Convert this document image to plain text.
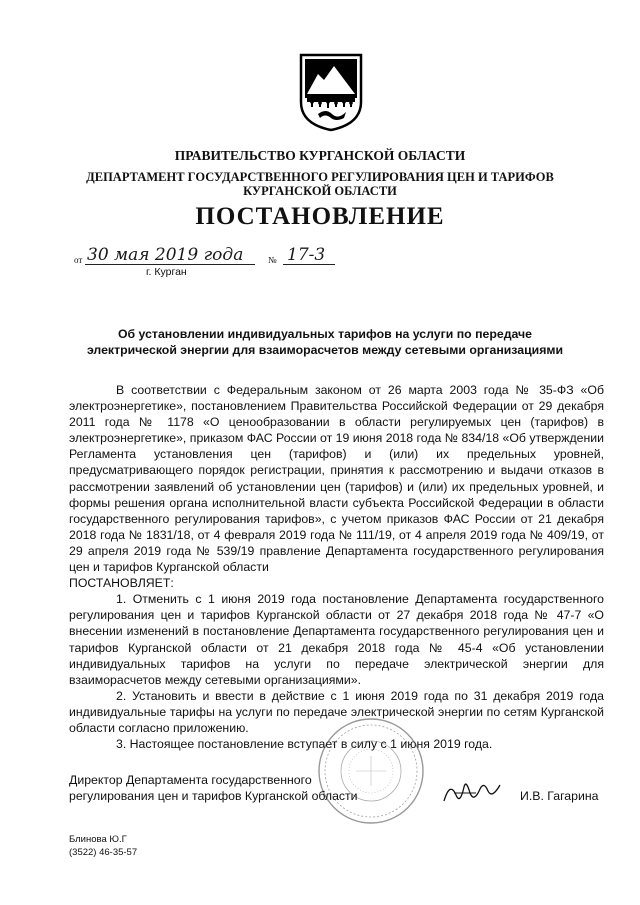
ПРАВИТЕЛЬСТВО КУРГАНСКОЙ ОБЛАСТИ
ДЕПАРТАМЕНТ ГОСУДАРСТВЕННОГО РЕГУЛИРОВАНИЯ ЦЕН И ТАРИФОВ
КУРГАНСКОЙ ОБЛАСТИ
ПОСТАНОВЛЕНИЕ
от 30 мая 2019 года	№ 17-3
г. Курган
Об установлении индивидуальных тарифов на услуги по передаче
электрической энергии для взаиморасчетов между сетевыми организациями

В соответствии с Федеральным законом от 26 марта 2003 года № 35-ФЗ «Об электроэнергетике», постановлением Правительства Российской Федерации от 29 декабря 2011 года № 1178 «О ценообразовании в области регулируемых цен (тарифов) в электроэнергетике», приказом ФАС России от 19 июня 2018 года № 834/18 «Об утверждении Регламента установления цен (тарифов) и (или) их предельных уровней, предусматривающего порядок регистрации, принятия к рассмотрению и выдачи отказов в рассмотрении заявлений об установлении цен (тарифов) и (или) их предельных уровней, и формы решения органа исполнительной власти субъекта Российской Федерации в области государственного регулирования тарифов», с учетом приказов ФАС России от 21 декабря 2018 года № 1831/18, от 4 февраля 2019 года № 111/19, от 4 апреля 2019 года № 409/19, от 29 апреля 2019 года № 539/19 правление Департамента государственного регулирования цен и тарифов Курганской области

ПОСТАНОВЛЯЕТ:

1. Отменить с 1 июня 2019 года постановление Департамента государственного регулирования цен и тарифов Курганской области от 27 декабря 2018 года № 47-7 «О внесении изменений в постановление Департамента государственного регулирования цен и тарифов Курганской области от 21 декабря 2018 года № 45-4 «Об установлении индивидуальных тарифов на услуги по передаче электрической энергии для взаиморасчетов между сетевыми организациями».

2. Установить и ввести в действие с 1 июня 2019 года по 31 декабря 2019 года индивидуальные тарифы на услуги по передаче электрической энергии по сетям Курганской области согласно приложению.

3. Настоящее постановление вступает в силу с 1 июня 2019 года.

Директор Департамента государственного
регулирования цен и тарифов Курганской области	И.В. Гагарина
Блинова Ю.Г
(3522) 46-35-57
